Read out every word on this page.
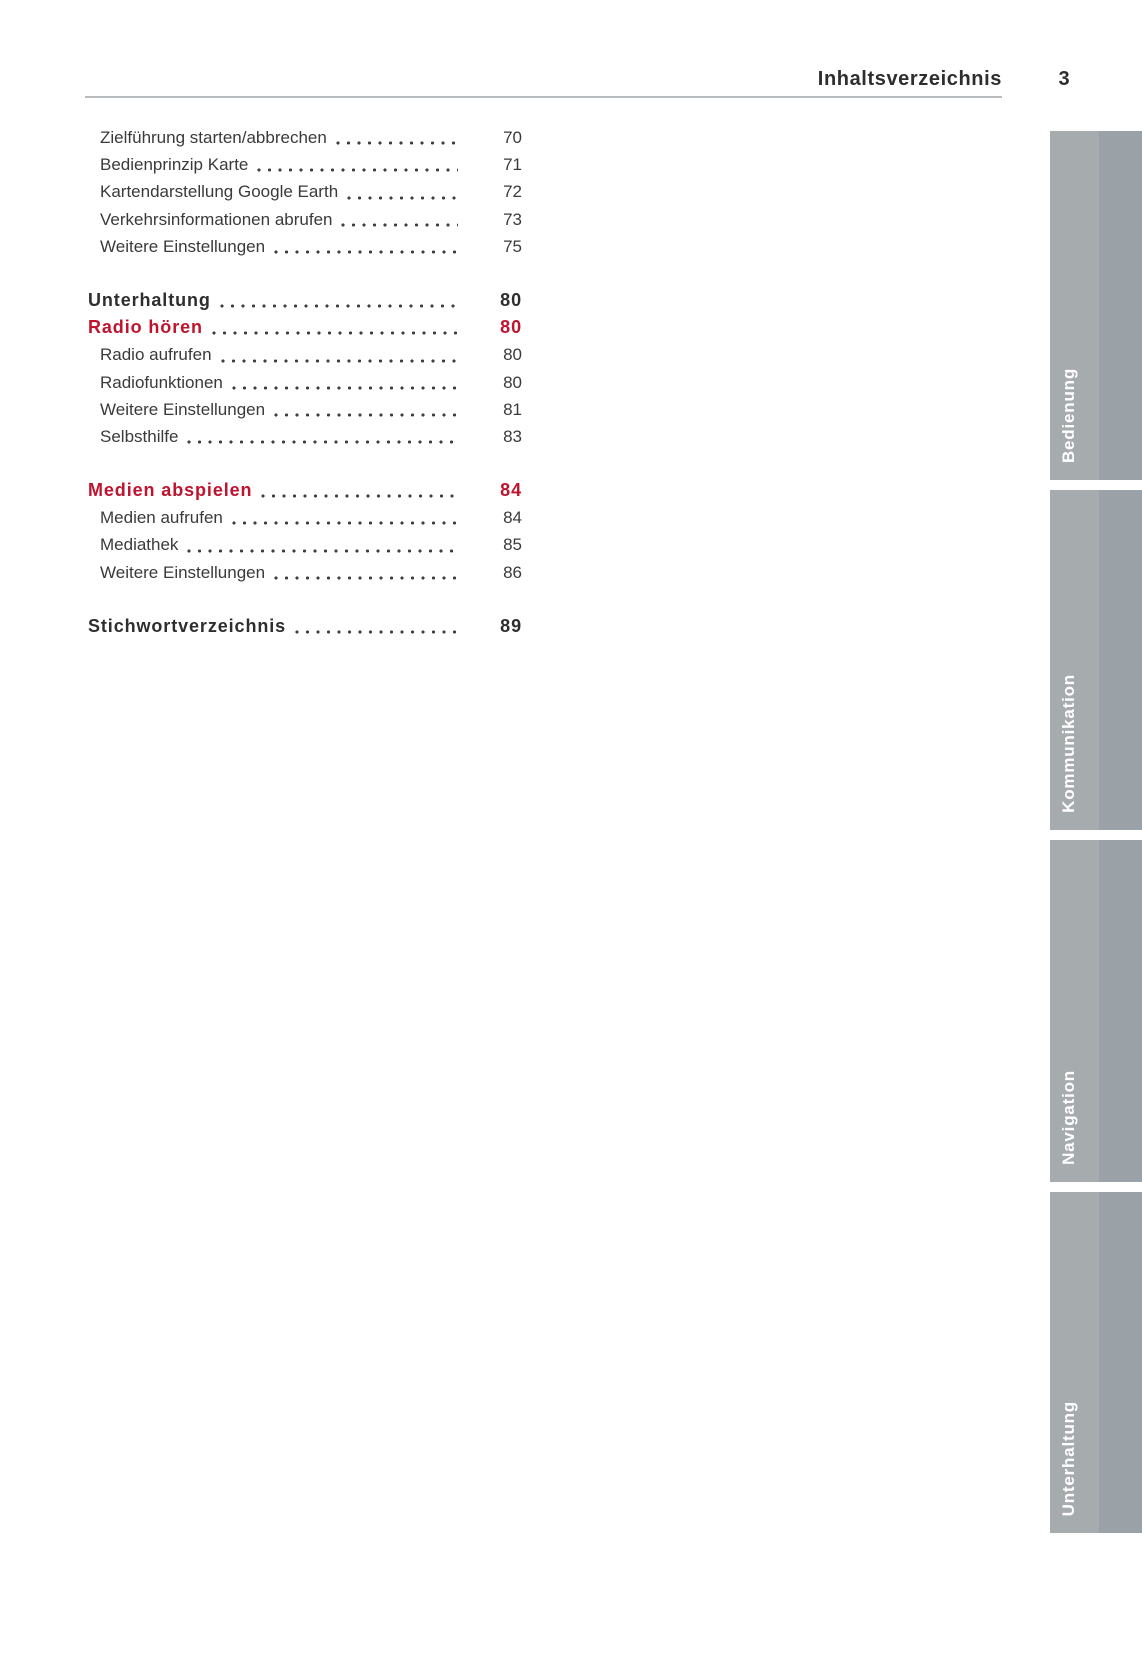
Inhaltsverzeichnis	3
Zielführung starten/abbrechen	70
Bedienprinzip Karte	71
Kartendarstellung Google Earth	72
Verkehrsinformationen abrufen	73
Weitere Einstellungen	75
Unterhaltung	80
Radio hören	80
Radio aufrufen	80
Radiofunktionen	80
Weitere Einstellungen	81
Selbsthilfe	83
Medien abspielen	84
Medien aufrufen	84
Mediathek	85
Weitere Einstellungen	86
Stichwortverzeichnis	89
Bedienung
Kommunikation
Navigation
Unterhaltung
